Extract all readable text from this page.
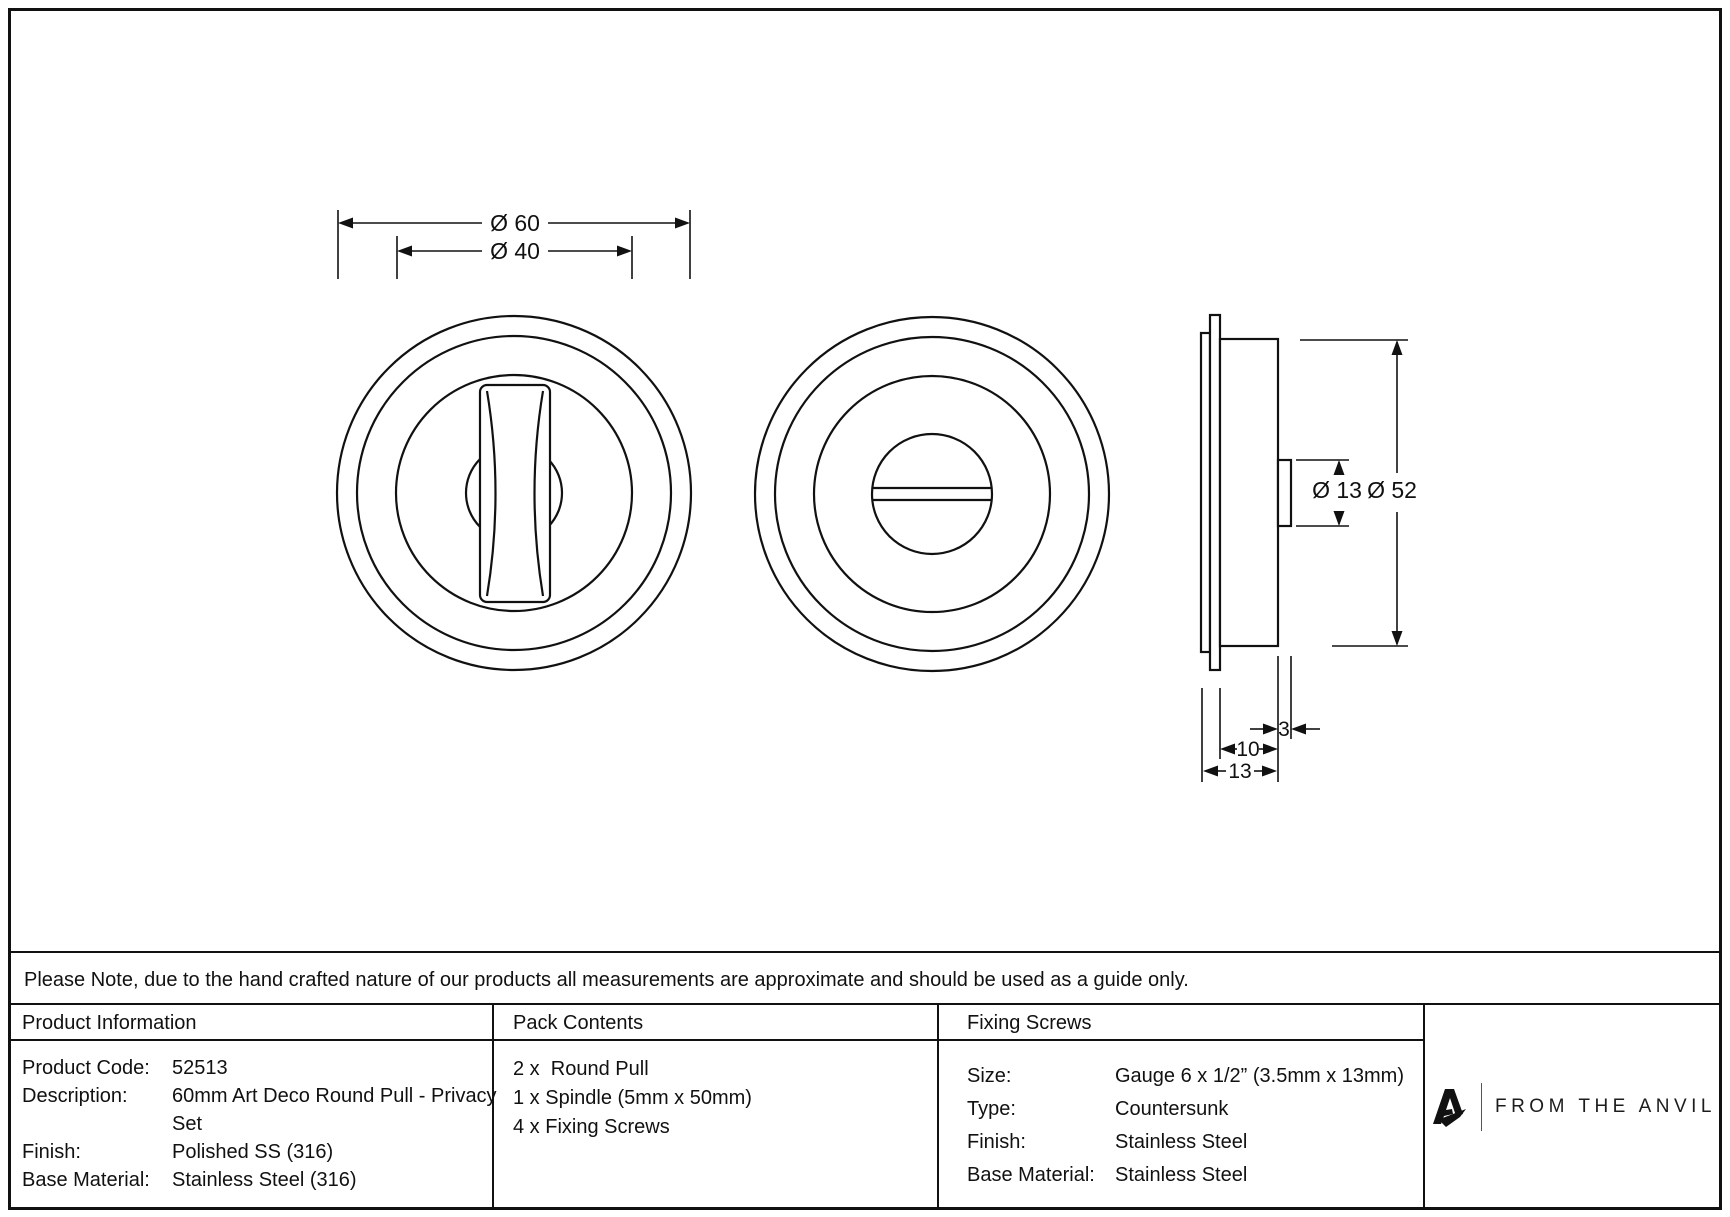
Ø 60
Ø 40
Ø 13 Ø 52
3
10
13
Please Note, due to the hand crafted nature of our products all measurements are approximate and should be used as a guide only.
Product Information	Pack Contents	Fixing Screws
Product Code:	52513
Description:	60mm Art Deco Round Pull - Privacy Set
Finish:	Polished SS (316)
Base Material:	Stainless Steel (316)
2 x  Round Pull
1 x Spindle (5mm x 50mm)
4 x Fixing Screws
Size:	Gauge 6 x 1/2” (3.5mm x 13mm)
Type:	Countersunk
Finish:	Stainless Steel
Base Material:	Stainless Steel
FROM THE ANVIL
